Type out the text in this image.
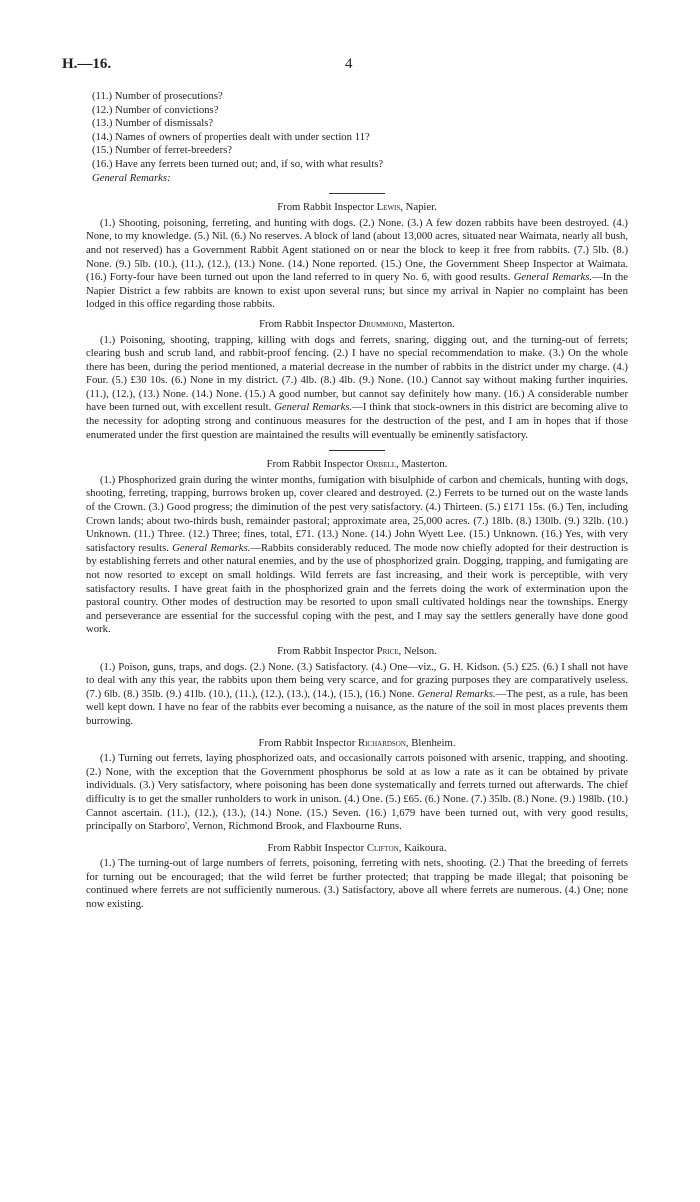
H.—16.	4
(11.) Number of prosecutions?
(12.) Number of convictions?
(13.) Number of dismissals?
(14.) Names of owners of properties dealt with under section 11?
(15.) Number of ferret-breeders?
(16.) Have any ferrets been turned out; and, if so, with what results?
General Remarks:
From Rabbit Inspector Lewis, Napier.

(1.) Shooting, poisoning, ferreting, and hunting with dogs. (2.) None. (3.) A few dozen rabbits have been destroyed. (4.) None, to my knowledge. (5.) Nil. (6.) No reserves. A block of land (about 13,000 acres, situated near Waimata, nearly all bush, and not reserved) has a Government Rabbit Agent stationed on or near the block to keep it free from rabbits. (7.) 5lb. (8.) None. (9.) 5lb. (10.), (11.), (12.), (13.) None. (14.) None reported. (15.) One, the Government Sheep Inspector at Waimata. (16.) Forty-four have been turned out upon the land referred to in query No. 6, with good results. General Remarks.—In the Napier District a few rabbits are known to exist upon several runs; but since my arrival in Napier no complaint has been lodged in this office regarding those rabbits.

From Rabbit Inspector Drummond, Masterton.

(1.) Poisoning, shooting, trapping, killing with dogs and ferrets, snaring, digging out, and the turning-out of ferrets; clearing bush and scrub land, and rabbit-proof fencing. (2.) I have no special recommendation to make. (3.) On the whole there has been, during the period mentioned, a material decrease in the number of rabbits in the district under my charge. (4.) Four. (5.) £30 10s. (6.) None in my district. (7.) 4lb. (8.) 4lb. (9.) None. (10.) Cannot say without making further inquiries. (11.), (12.), (13.) None. (14.) None. (15.) A good number, but cannot say definitely how many. (16.) A considerable number have been turned out, with excellent result. General Remarks.—I think that stock-owners in this district are becoming alive to the necessity for adopting strong and continuous measures for the destruction of the pest, and I am in hopes that if those enumerated under the first question are maintained the results will eventually be eminently satisfactory.

From Rabbit Inspector Orbell, Masterton.

(1.) Phosphorized grain during the winter months, fumigation with bisulphide of carbon and chemicals, hunting with dogs, shooting, ferreting, trapping, burrows broken up, cover cleared and destroyed. (2.) Ferrets to be turned out on the waste lands of the Crown. (3.) Good progress; the diminution of the pest very satisfactory. (4.) Thirteen. (5.) £171 15s. (6.) Ten, including Crown lands; about two-thirds bush, remainder pastoral; approximate area, 25,000 acres. (7.) 18lb. (8.) 130lb. (9.) 32lb. (10.) Unknown. (11.) Three. (12.) Three; fines, total, £71. (13.) None. (14.) John Wyett Lee. (15.) Unknown. (16.) Yes, with very satisfactory results. General Remarks.—Rabbits considerably reduced. The mode now chiefly adopted for their destruction is by establishing ferrets and other natural enemies, and by the use of phosphorized grain. Dogging, trapping, and fumigating are not now resorted to except on small holdings. Wild ferrets are fast increasing, and their work is perceptible, with very satisfactory results. I have great faith in the phosphorized grain and the ferrets doing the work of extermination upon the pastoral country. Other modes of destruction may be resorted to upon small cultivated holdings near the townships. Energy and perseverance are essential for the successful coping with the pest, and I may say the settlers generally have done good work.

From Rabbit Inspector Price, Nelson.

(1.) Poison, guns, traps, and dogs. (2.) None. (3.) Satisfactory. (4.) One—viz., G. H. Kidson. (5.) £25. (6.) I shall not have to deal with any this year, the rabbits upon them being very scarce, and for grazing purposes they are comparatively useless. (7.) 6lb. (8.) 35lb. (9.) 41lb. (10.), (11.), (12.), (13.), (14.), (15.), (16.) None. General Remarks.—The pest, as a rule, has been well kept down. I have no fear of the rabbits ever becoming a nuisance, as the nature of the soil in most places prevents them burrowing.

From Rabbit Inspector Richardson, Blenheim.

(1.) Turning out ferrets, laying phosphorized oats, and occasionally carrots poisoned with arsenic, trapping, and shooting. (2.) None, with the exception that the Government phosphorus be sold at as low a rate as it can be obtained by private individuals. (3.) Very satisfactory, where poisoning has been done systematically and ferrets turned out afterwards. The chief difficulty is to get the smaller runholders to work in unison. (4.) One. (5.) £65. (6.) None. (7.) 35lb. (8.) None. (9.) 198lb. (10.) Cannot ascertain. (11.), (12.), (13.), (14.) None. (15.) Seven. (16.) 1,679 have been turned out, with very good results, principally on Starboro', Vernon, Richmond Brook, and Flaxbourne Runs.

From Rabbit Inspector Clifton, Kaikoura.

(1.) The turning-out of large numbers of ferrets, poisoning, ferreting with nets, shooting. (2.) That the breeding of ferrets for turning out be encouraged; that the wild ferret be further protected; that trapping be made illegal; that poisoning be continued where ferrets are not sufficiently numerous. (3.) Satisfactory, above all where ferrets are numerous. (4.) One; none now existing.
